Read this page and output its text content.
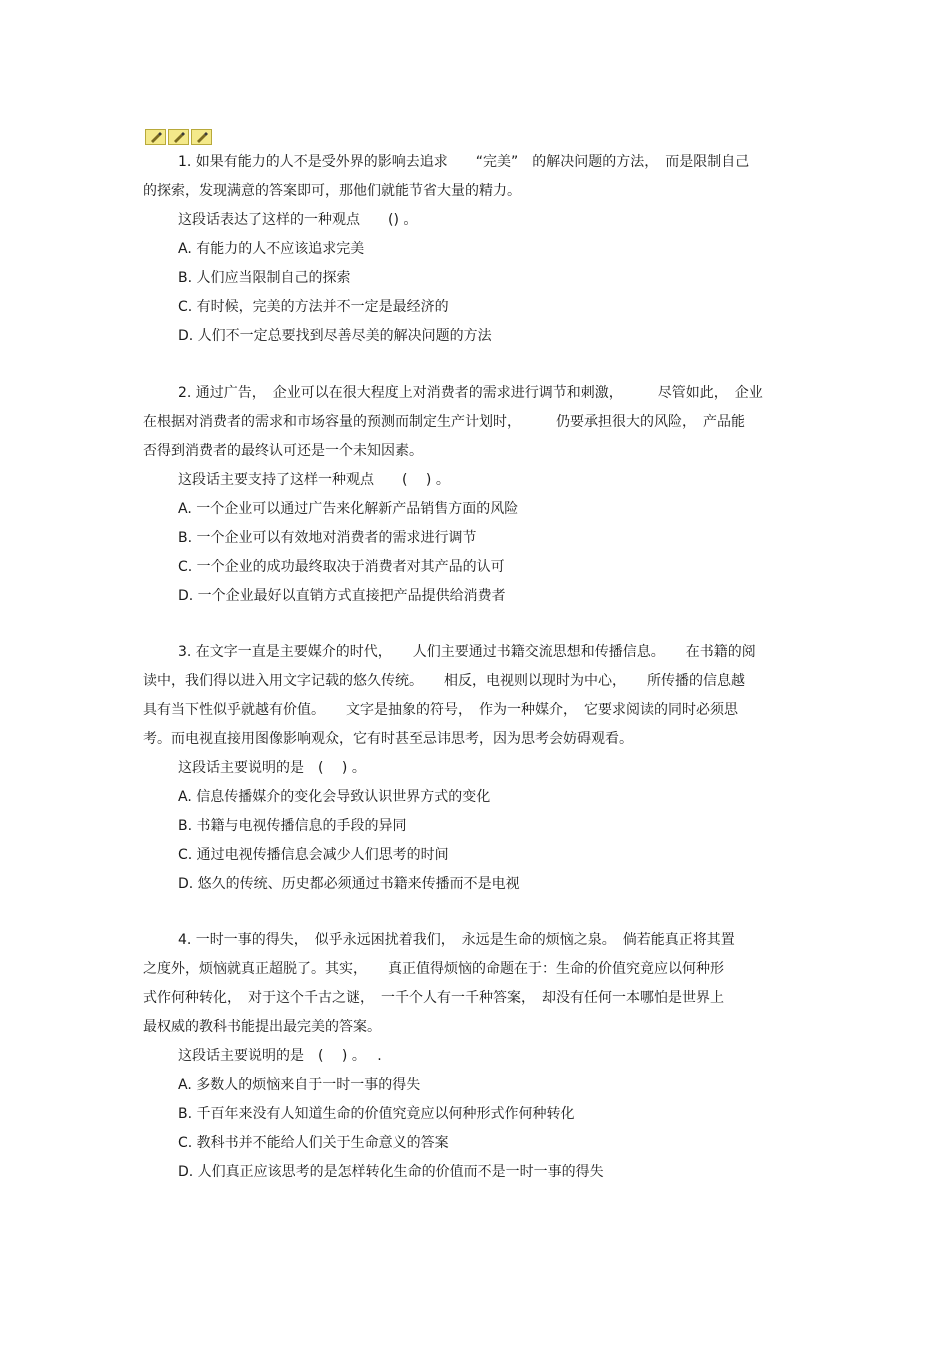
1. 如果有能力的人不是受外界的影响去追求　　“完美”　的解决问题的方法，　而是限制自己
的探索，发现满意的答案即可，那他们就能节省大量的精力。
这段话表达了这样的一种观点　　() 。
A. 有能力的人不应该追求完美
B. 人们应当限制自己的探索
C. 有时候，完美的方法并不一定是最经济的
D. 人们不一定总要找到尽善尽美的解决问题的方法
2. 通过广告，　企业可以在很大程度上对消费者的需求进行调节和刺激，　　　尽管如此，　企业
在根据对消费者的需求和市场容量的预测而制定生产计划时，　　　仍要承担很大的风险，　产品能
否得到消费者的最终认可还是一个未知因素。
这段话主要支持了这样一种观点　　(　 ) 。
A. 一个企业可以通过广告来化解新产品销售方面的风险
B. 一个企业可以有效地对消费者的需求进行调节
C. 一个企业的成功最终取决于消费者对其产品的认可
D. 一个企业最好以直销方式直接把产品提供给消费者
3. 在文字一直是主要媒介的时代，　　人们主要通过书籍交流思想和传播信息。　　在书籍的阅
读中，我们得以进入用文字记载的悠久传统。　　相反，电视则以现时为中心，　　所传播的信息越
具有当下性似乎就越有价值。　　文字是抽象的符号，　作为一种媒介，　它要求阅读的同时必须思
考。而电视直接用图像影响观众，它有时甚至忌讳思考，因为思考会妨碍观看。
这段话主要说明的是　(　 ) 。
A. 信息传播媒介的变化会导致认识世界方式的变化
B. 书籍与电视传播信息的手段的异同
C. 通过电视传播信息会减少人们思考的时间
D. 悠久的传统、历史都必须通过书籍来传播而不是电视
4. 一时一事的得失，　似乎永远困扰着我们，　永远是生命的烦恼之泉。　倘若能真正将其置
之度外，烦恼就真正超脱了。其实，　　真正值得烦恼的命题在于：生命的价值究竟应以何种形
式作何种转化，　对于这个千古之谜，　一千个人有一千种答案，　却没有任何一本哪怕是世界上
最权威的教科书能提出最完美的答案。
这段话主要说明的是　(　 ) 。　 .
A. 多数人的烦恼来自于一时一事的得失
B. 千百年来没有人知道生命的价值究竟应以何种形式作何种转化
C. 教科书并不能给人们关于生命意义的答案
D. 人们真正应该思考的是怎样转化生命的价值而不是一时一事的得失
